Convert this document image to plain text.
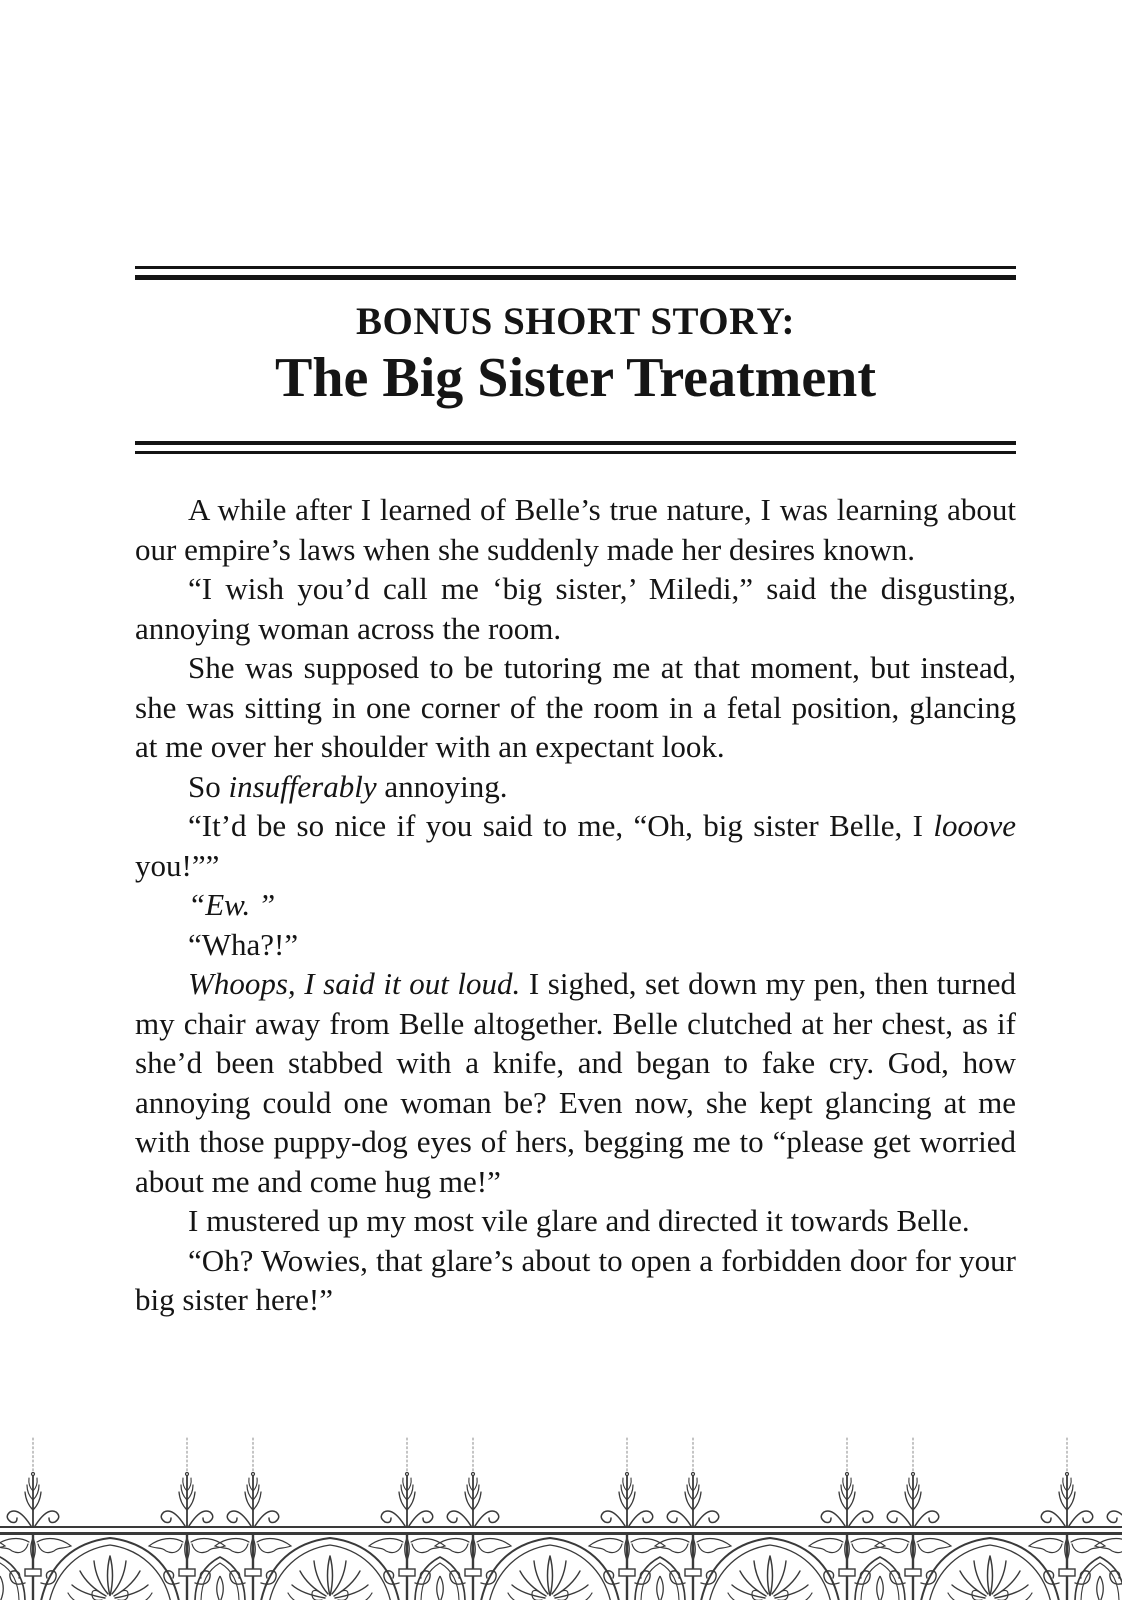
BONUS SHORT STORY:
The Big Sister Treatment

A while after I learned of Belle’s true nature, I was learning about our empire’s laws when she suddenly made her desires known.

“I wish you’d call me ‘big sister,’ Miledi,” said the disgusting, annoying woman across the room.

She was supposed to be tutoring me at that moment, but instead, she was sitting in one corner of the room in a fetal position, glancing at me over her shoulder with an expectant look.

So insufferably annoying.

“It’d be so nice if you said to me, “Oh, big sister Belle, I looove you!””

“Ew. ”

“Wha?!”

Whoops, I said it out loud. I sighed, set down my pen, then turned my chair away from Belle altogether. Belle clutched at her chest, as if she’d been stabbed with a knife, and began to fake cry. God, how annoying could one woman be? Even now, she kept glancing at me with those puppy-dog eyes of hers, begging me to “please get worried about me and come hug me!”

I mustered up my most vile glare and directed it towards Belle.

“Oh? Wowies, that glare’s about to open a forbidden door for your big sister here!”
